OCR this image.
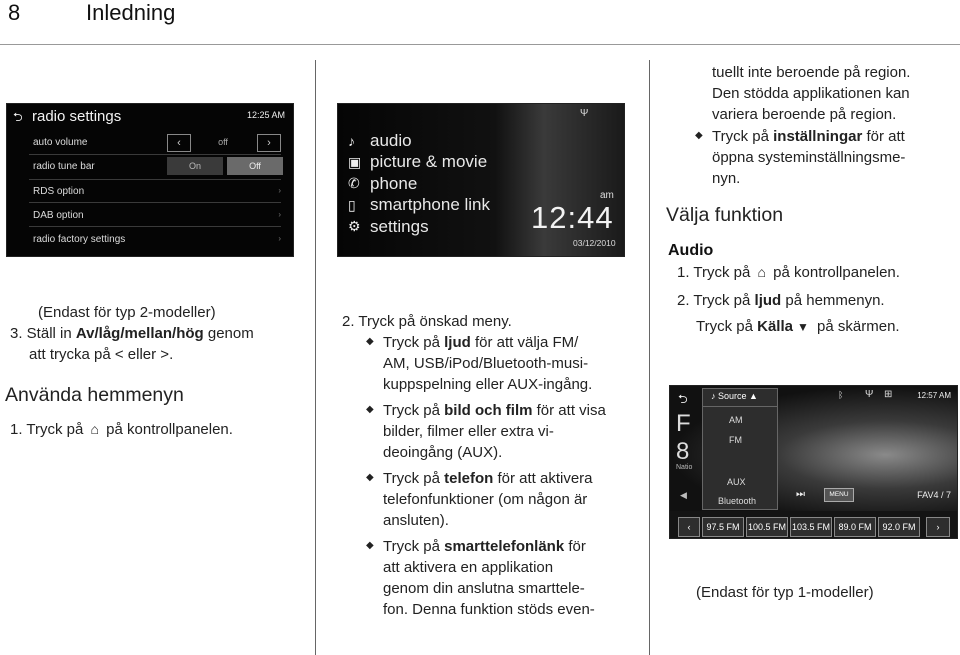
8	Inledning
⮌ radio settings	12:25 AM
auto volume	‹	off	›
radio tune bar	On	Off
RDS option	›
DAB option	›
radio factory settings	›
(Endast för typ 2-modeller)
3. Ställ in Av/låg/mellan/hög genom
att trycka på < eller >.
Använda hemmenyn
1. Tryck på ⌂ på kontrollpanelen.
♪ audio
▣ picture & movie
✆ phone
▯ smartphone link
⚙ settings
Ψ
am
12:44
03/12/2010
2. Tryck på önskad meny.
◆ Tryck på ljud för att välja FM/
AM, USB/iPod/Bluetooth-musi-
kuppspelning eller AUX-ingång.
◆ Tryck på bild och film för att visa
bilder, filmer eller extra vi-
deoingång (AUX).
◆ Tryck på telefon för att aktivera
telefonfunktioner (om någon är
ansluten).
◆ Tryck på smarttelefonlänk för
att aktivera en applikation
genom din anslutna smarttele-
fon. Denna funktion stöds even-
tuellt inte beroende på region.
Den stödda applikationen kan
variera beroende på region.
◆ Tryck på inställningar för att
öppna systeminställningsme-
nyn.
Välja funktion
Audio
1. Tryck på ⌂ på kontrollpanelen.
2. Tryck på ljud på hemmenyn.
Tryck på Källa ▼ på skärmen.
⮌
F
8
Natio
◀
♪ Source ▲
AM
FM
AUX
Bluetooth
ᛒ Ψ ⊞	12:57 AM
⏭	MENU	FAV4 / 7
‹	97.5 FM 100.5 FM 103.5 FM 89.0 FM	92.0 FM	›
(Endast för typ 1-modeller)
